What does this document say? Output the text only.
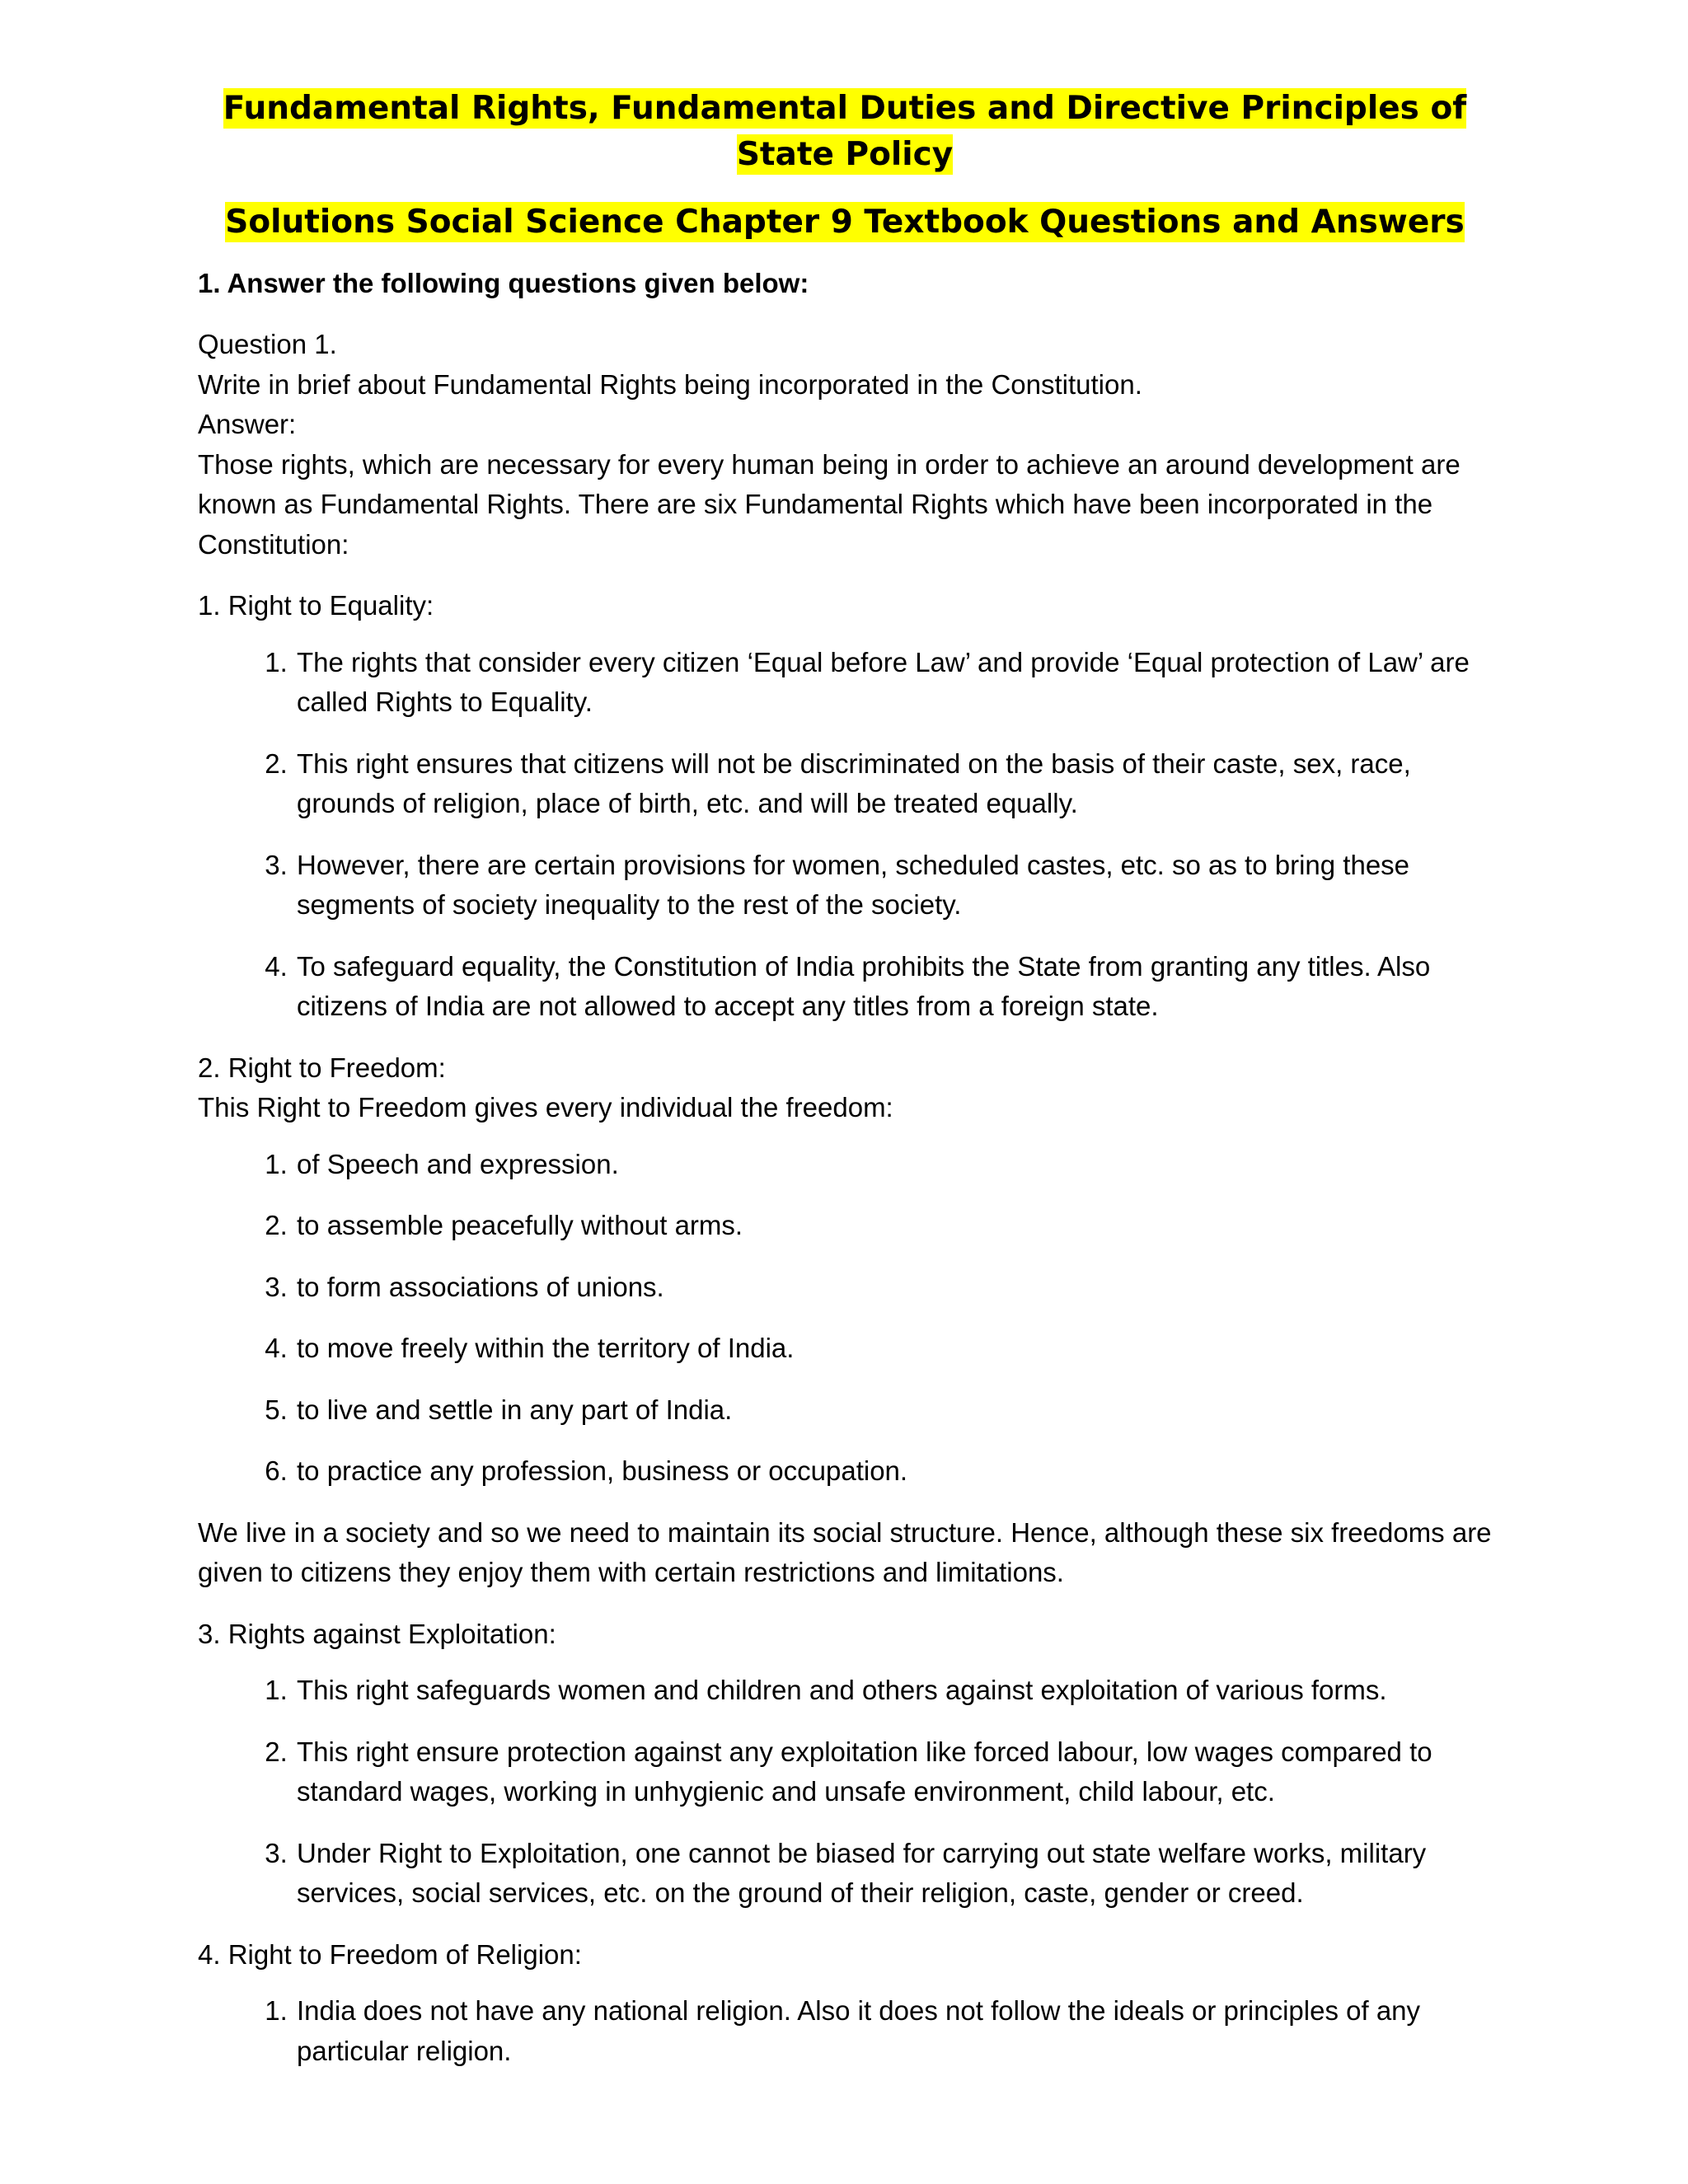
Fundamental Rights, Fundamental Duties and Directive Principles of State Policy
Solutions Social Science Chapter 9 Textbook Questions and Answers
1. Answer the following questions given below:

Question 1.
Write in brief about Fundamental Rights being incorporated in the Constitution.
Answer:
Those rights, which are necessary for every human being in order to achieve an around development are known as Fundamental Rights. There are six Fundamental Rights which have been incorporated in the Constitution:

1. Right to Equality:

1. The rights that consider every citizen ‘Equal before Law’ and provide ‘Equal protection of Law’ are called Rights to Equality.
2. This right ensures that citizens will not be discriminated on the basis of their caste, sex, race, grounds of religion, place of birth, etc. and will be treated equally.
3. However, there are certain provisions for women, scheduled castes, etc. so as to bring these segments of society inequality to the rest of the society.
4. To safeguard equality, the Constitution of India prohibits the State from granting any titles. Also citizens of India are not allowed to accept any titles from a foreign state.

2. Right to Freedom:
This Right to Freedom gives every individual the freedom:

1. of Speech and expression.
2. to assemble peacefully without arms.
3. to form associations of unions.
4. to move freely within the territory of India.
5. to live and settle in any part of India.
6. to practice any profession, business or occupation.

We live in a society and so we need to maintain its social structure. Hence, although these six freedoms are given to citizens they enjoy them with certain restrictions and limitations.

3. Rights against Exploitation:

1. This right safeguards women and children and others against exploitation of various forms.
2. This right ensure protection against any exploitation like forced labour, low wages compared to standard wages, working in unhygienic and unsafe environment, child labour, etc.
3. Under Right to Exploitation, one cannot be biased for carrying out state welfare works, military services, social services, etc. on the ground of their religion, caste, gender or creed.

4. Right to Freedom of Religion:

1. India does not have any national religion. Also it does not follow the ideals or principles of any particular religion.
